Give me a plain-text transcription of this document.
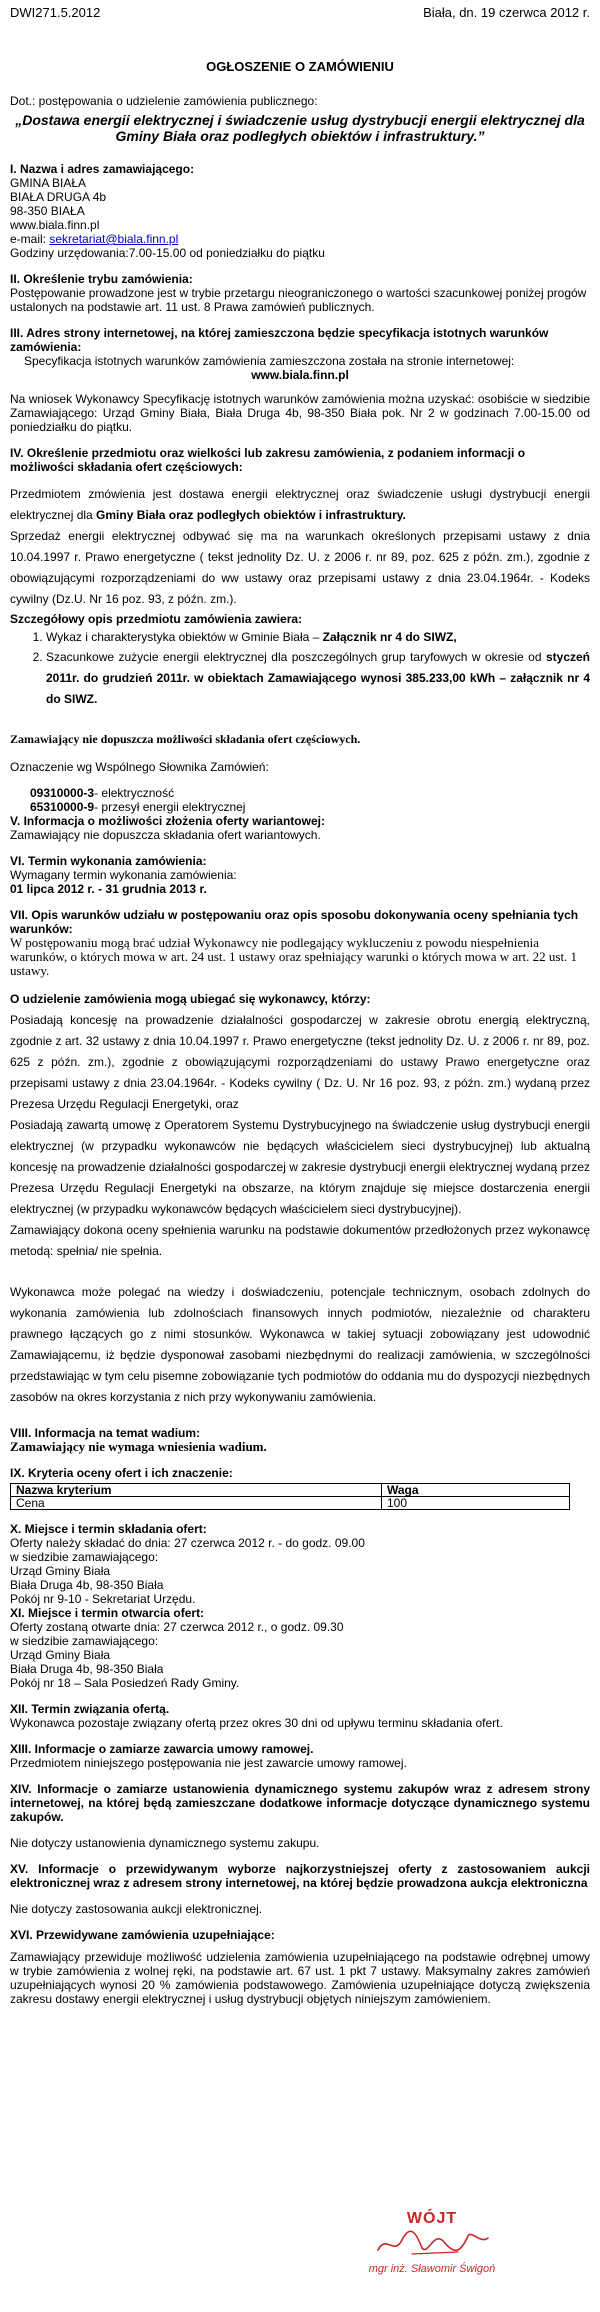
DWI271.5.2012	Biała, dn. 19 czerwca 2012 r.
OGŁOSZENIE O ZAMÓWIENIU
Dot.: postępowania o udzielenie zamówienia publicznego:
„Dostawa energii elektrycznej i świadczenie usług dystrybucji energii elektrycznej dla Gminy Biała oraz podległych obiektów i infrastruktury.”
I. Nazwa i adres zamawiającego:
GMINA BIAŁA
BIAŁA DRUGA 4b
98-350 BIAŁA
www.biala.finn.pl
e-mail: sekretariat@biala.finn.pl
Godziny urzędowania:7.00-15.00 od poniedziałku do piątku
II. Określenie trybu zamówienia:
Postępowanie prowadzone jest w trybie przetargu nieograniczonego o wartości szacunkowej poniżej progów ustalonych na podstawie art. 11 ust. 8 Prawa zamówień publicznych.
III. Adres strony internetowej, na której zamieszczona będzie specyfikacja istotnych warunków zamówienia:
Specyfikacja istotnych warunków zamówienia zamieszczona została na stronie internetowej:
www.biala.finn.pl
Na wniosek Wykonawcy Specyfikację istotnych warunków zamówienia można uzyskać: osobiście w siedzibie Zamawiającego: Urząd Gminy Biała, Biała Druga 4b, 98-350 Biała pok. Nr 2 w godzinach 7.00-15.00 od poniedziałku do piątku.
IV. Określenie przedmiotu oraz wielkości lub zakresu zamówienia, z podaniem informacji o możliwości składania ofert częściowych:

Przedmiotem zmówienia jest dostawa energii elektrycznej oraz świadczenie usługi dystrybucji energii elektrycznej dla Gminy Biała oraz podległych obiektów i infrastruktury.

Sprzedaż energii elektrycznej odbywać się ma na warunkach określonych przepisami ustawy z dnia 10.04.1997 r. Prawo energetyczne ( tekst jednolity Dz. U. z 2006 r. nr 89, poz. 625 z późn. zm.), zgodnie z obowiązującymi rozporządzeniami do ww ustawy oraz przepisami ustawy z dnia 23.04.1964r. - Kodeks cywilny (Dz.U. Nr 16 poz. 93, z późn. zm.).

Szczegółowy opis przedmiotu zamówienia zawiera:
1. Wykaz i charakterystyka obiektów w Gminie Biała – Załącznik nr 4 do SIWZ,
2. Szacunkowe zużycie energii elektrycznej dla poszczególnych grup taryfowych w okresie od styczeń 2011r. do grudzień 2011r. w obiektach Zamawiającego wynosi 385.233,00 kWh – załącznik nr 4 do SIWZ.
Zamawiający nie dopuszcza możliwości składania ofert częściowych.
Oznaczenie wg Wspólnego Słownika Zamówień:
09310000-3- elektryczność
65310000-9- przesył energii elektrycznej
V. Informacja o możliwości złożenia oferty wariantowej:
Zamawiający nie dopuszcza składania ofert wariantowych.
VI. Termin wykonania zamówienia:
Wymagany termin wykonania zamówienia:
01 lipca 2012 r. - 31 grudnia 2013 r.
VII. Opis warunków udziału w postępowaniu oraz opis sposobu dokonywania oceny spełniania tych warunków:
W postępowaniu mogą brać udział Wykonawcy nie podlegający wykluczeniu z powodu niespełnienia warunków, o których mowa w art. 24 ust. 1 ustawy oraz spełniający warunki o których mowa w art. 22 ust. 1 ustawy.
O udzielenie zamówienia mogą ubiegać się wykonawcy, którzy:

Posiadają koncesję na prowadzenie działalności gospodarczej w zakresie obrotu energią elektryczną, zgodnie z art. 32 ustawy z dnia 10.04.1997 r. Prawo energetyczne (tekst jednolity Dz. U. z 2006 r. nr 89, poz. 625 z późn. zm.), zgodnie z obowiązującymi rozporządzeniami do ustawy Prawo energetyczne oraz przepisami ustawy z dnia 23.04.1964r. - Kodeks cywilny ( Dz. U. Nr 16 poz. 93, z późn. zm.) wydaną przez Prezesa Urzędu Regulacji Energetyki, oraz

Posiadają zawartą umowę z Operatorem Systemu Dystrybucyjnego na świadczenie usług dystrybucji energii elektrycznej (w przypadku wykonawców nie będących właścicielem sieci dystrybucyjnej) lub aktualną koncesję na prowadzenie działalności gospodarczej w zakresie dystrybucji energii elektrycznej wydaną przez Prezesa Urzędu Regulacji Energetyki na obszarze, na którym znajduje się miejsce dostarczenia energii elektrycznej (w przypadku wykonawców będących właścicielem sieci dystrybucyjnej).

Zamawiający dokona oceny spełnienia warunku na podstawie dokumentów przedłożonych przez wykonawcę metodą: spełnia/ nie spełnia.

Wykonawca może polegać na wiedzy i doświadczeniu, potencjale technicznym, osobach zdolnych do wykonania zamówienia lub zdolnościach finansowych innych podmiotów, niezależnie od charakteru prawnego łączących go z nimi stosunków. Wykonawca w takiej sytuacji zobowiązany jest udowodnić Zamawiającemu, iż będzie dysponował zasobami niezbędnymi do realizacji zamówienia, w szczególności przedstawiając w tym celu pisemne zobowiązanie tych podmiotów do oddania mu do dyspozycji niezbędnych zasobów na okres korzystania z nich przy wykonywaniu zamówienia.

VIII. Informacja na temat wadium:
Zamawiający nie wymaga wniesienia wadium.
IX. Kryteria oceny ofert i ich znaczenie:
Nazwa kryterium	Waga
Cena	100
X. Miejsce i termin składania ofert:
Oferty należy składać do dnia: 27 czerwca 2012 r. - do godz. 09.00
w siedzibie zamawiającego:
Urząd Gminy Biała
Biała Druga 4b, 98-350 Biała
Pokój nr 9-10 - Sekretariat Urzędu.
XI. Miejsce i termin otwarcia ofert:
Oferty zostaną otwarte dnia: 27 czerwca 2012 r., o godz. 09.30
w siedzibie zamawiającego:
Urząd Gminy Biała
Biała Druga 4b, 98-350 Biała
Pokój nr 18 – Sala Posiedzeń Rady Gminy.
XII. Termin związania ofertą.
Wykonawca pozostaje związany ofertą przez okres 30 dni od upływu terminu składania ofert.
XIII. Informacje o zamiarze zawarcia umowy ramowej.
Przedmiotem niniejszego postępowania nie jest zawarcie umowy ramowej.
XIV. Informacje o zamiarze ustanowienia dynamicznego systemu zakupów wraz z adresem strony internetowej, na której będą zamieszczane dodatkowe informacje dotyczące dynamicznego systemu zakupów.
Nie dotyczy ustanowienia dynamicznego systemu zakupu.
XV. Informacje o przewidywanym wyborze najkorzystniejszej oferty z zastosowaniem aukcji elektronicznej wraz z adresem strony internetowej, na której będzie prowadzona aukcja elektroniczna
Nie dotyczy zastosowania aukcji elektronicznej.
XVI. Przewidywane zamówienia uzupełniające:
Zamawiający przewiduje możliwość udzielenia zamówienia uzupełniającego na podstawie odrębnej umowy w trybie zamówienia z wolnej ręki, na podstawie art. 67 ust. 1 pkt 7 ustawy. Maksymalny zakres zamówień uzupełniających wynosi 20 % zamówienia podstawowego. Zamówienia uzupełniające dotyczą zwiększenia zakresu dostawy energii elektrycznej i usług dystrybucji objętych niniejszym zamówieniem.
WÓJT
mgr inż. Sławomir Świgoń
